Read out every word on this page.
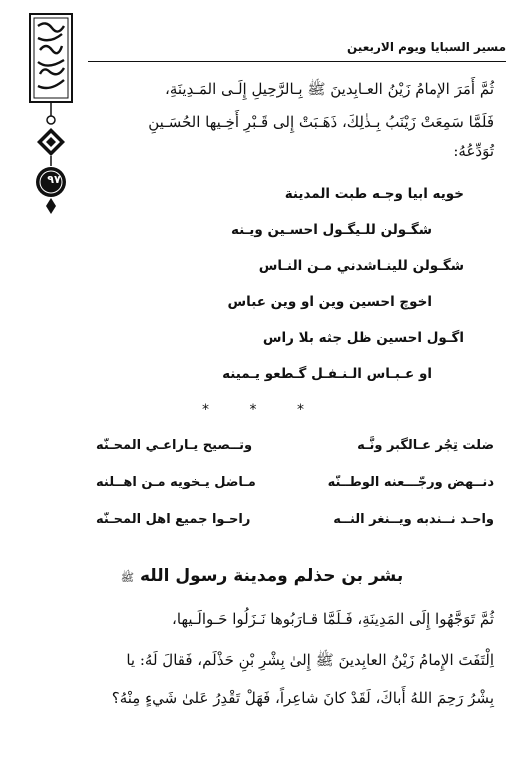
٩٧
مسير السبايا ويوم الاربعين
ثُمَّ أَمَرَ الإمامُ زَيْنُ العـابِدينَ ﷺ بِـالرَّحِيلِ إِلَـى المَـدِينَةِ،
فَلَمَّا سَمِعَتْ زَيْنَبُ بِـذٰلِكَ، ذَهَـبَتْ إِلى قَـبْرِ أَخِـيها الحُسَـينِ
تُوَدِّعُهُ:
خويه ابيا وجـه طبت المدينة
شگـولن للـيگـول احسـين ويـنه
شگـولن للينـاشدني مـن النـاس
اخوچ احسين وين او وين عباس
اگـول احسين ظل جثه بلا راس
او عـبـاس الـنـفـل گـطعو يـمينه
* * *
ضلت تِجُر عـالگبر ونَّـه
وتــصيح يـاراعـي المحـنّه
دنــهض ورجّـــعنه الوطــنّه
مـاضل يـخويه مـن اهــلنه
واحـد نــندبه ويــنغر النــه
راحـوا جميع اهل المحـنّه
بشر بن حذلم ومدينة رسول الله ﷺ
ثُمَّ تَوَجَّهُوا إِلَى المَدِينَةِ، فَـلَمَّا قـارَبُوها نَـزَلُوا حَـوالَـيها،
اِلْتَفَتَ الإِمامُ زَيْنُ العابِدينَ ﷺ إِلىٰ بِشْرِ بْنِ حَذْلَم، فَقالَ لَهُ: يا
بِشْرُ رَحِمَ اللهُ أَباكَ، لَقَدْ كانَ شاعِراً، فَهَلْ تَقْدِرُ عَلىٰ شَيءٍ مِنْهُ؟
